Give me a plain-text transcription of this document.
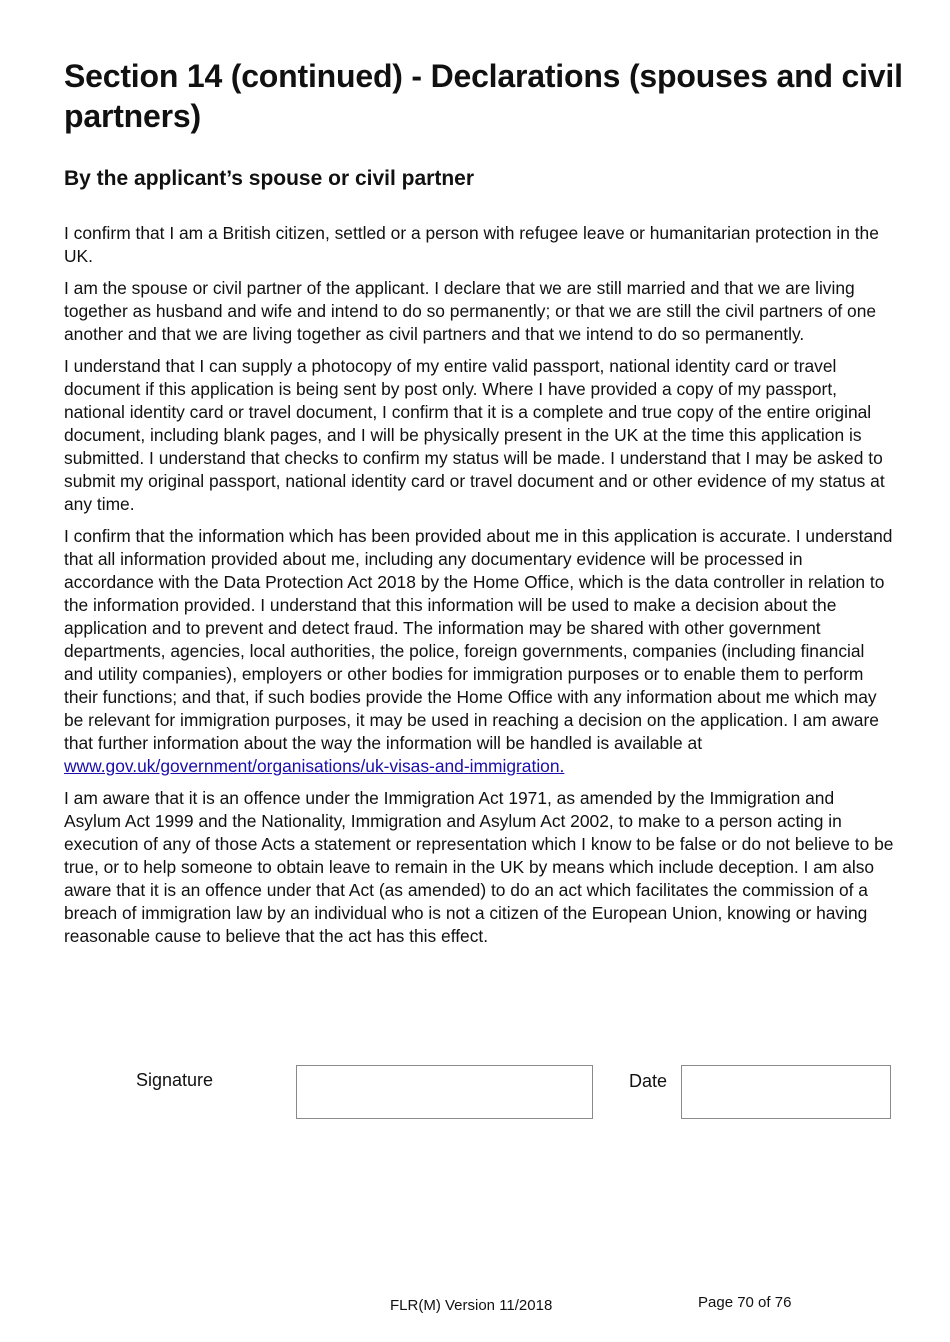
Section 14 (continued) - Declarations (spouses and civil partners)
By the applicant’s spouse or civil partner

I confirm that I am a British citizen, settled or a person with refugee leave or humanitarian protection in the UK.

I am the spouse or civil partner of the applicant. I declare that we are still married and that we are living together as husband and wife and intend to do so permanently; or that we are still the civil partners of one another and that we are living together as civil partners and that we intend to do so permanently.

I understand that I can supply a photocopy of my entire valid passport, national identity card or travel document if this application is being sent by post only. Where I have provided a copy of my passport, national identity card or travel document, I confirm that it is a complete and true copy of the entire original document, including blank pages, and I will be physically present in the UK at the time this application is submitted. I understand that checks to confirm my status will be made. I understand that I may be asked to submit my original passport, national identity card or travel document and or other evidence of my status at any time.

I confirm that the information which has been provided about me in this application is accurate. I understand that all information provided about me, including any documentary evidence will be processed in accordance with the Data Protection Act 2018 by the Home Office, which is the data controller in relation to the information provided. I understand that this information will be used to make a decision about the application and to prevent and detect fraud. The information may be shared with other government departments, agencies, local authorities, the police, foreign governments, companies (including financial and utility companies), employers or other bodies for immigration purposes or to enable them to perform their functions; and that, if such bodies provide the Home Office with any information about me which may be relevant for immigration purposes, it may be used in reaching a decision on the application. I am aware that further information about the way the information will be handled is available at www.gov.uk/government/organisations/uk-visas-and-immigration.

I am aware that it is an offence under the Immigration Act 1971, as amended by the Immigration and Asylum Act 1999 and the Nationality, Immigration and Asylum Act 2002, to make to a person acting in execution of any of those Acts a statement or representation which I know to be false or do not believe to be true, or to help someone to obtain leave to remain in the UK by means which include deception. I am also aware that it is an offence under that Act (as amended) to do an act which facilitates the commission of a breach of immigration law by an individual who is not a citizen of the European Union, knowing or having reasonable cause to believe that the act has this effect.

Signature	Date
FLR(M) Version 11/2018	Page 70 of 76
